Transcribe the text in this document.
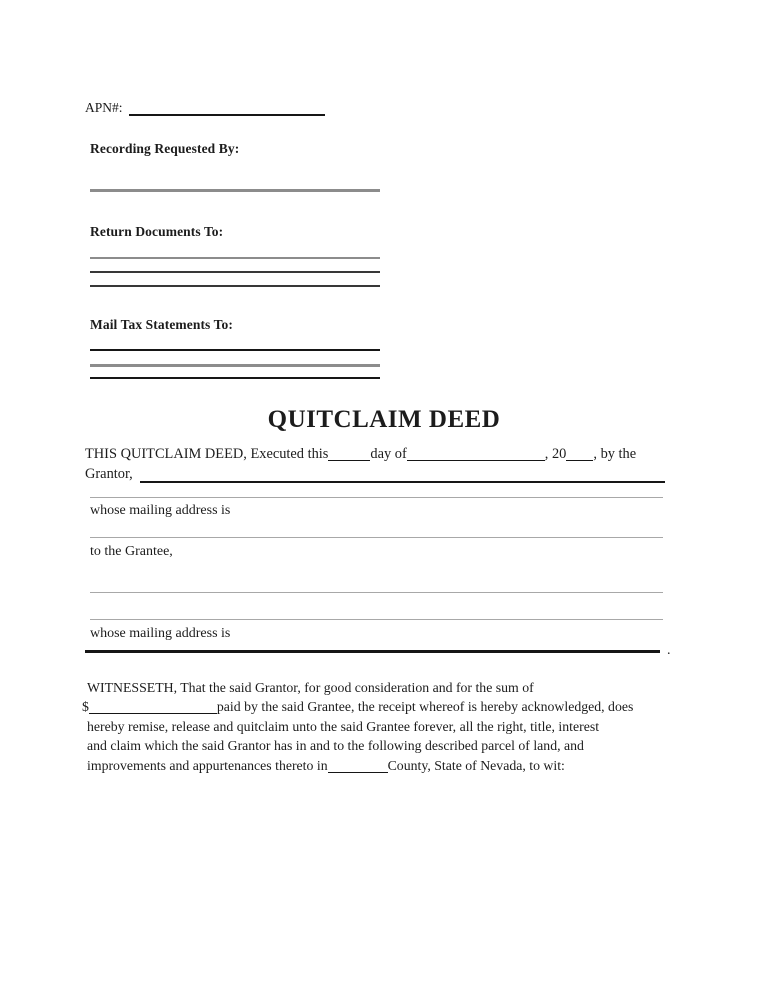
APN#:
Recording Requested By:
Return Documents To:
Mail Tax Statements To:
QUITCLAIM DEED
THIS QUITCLAIM DEED, Executed this	day of	, 20 , by the
Grantor,
whose mailing address is
to the Grantee,
whose mailing address is
.
WITNESSETH, That the said Grantor, for good consideration and for the sum of
$	paid by the said Grantee, the receipt whereof is hereby acknowledged, does
hereby remise, release and quitclaim unto the said Grantee forever, all the right, title, interest
and claim which the said Grantor has in and to the following described parcel of land, and
improvements and appurtenances thereto in	County, State of Nevada, to wit:
